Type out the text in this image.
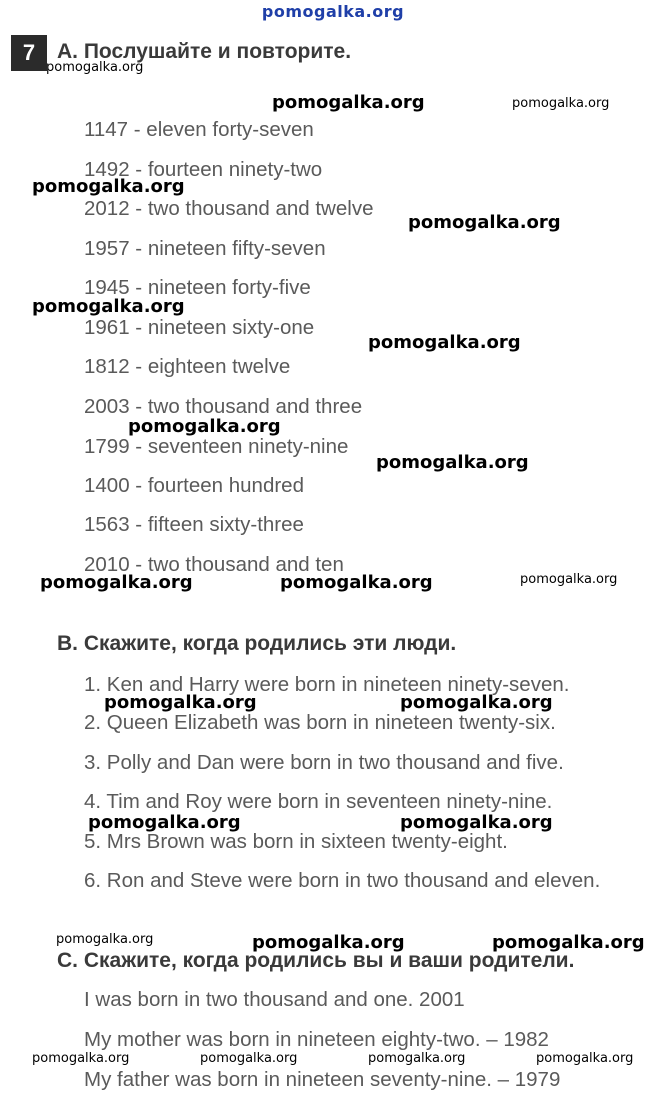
pomogalka.org
7	A. Послушайте и повторите.
1147 - eleven forty-seven
1492 - fourteen ninety-two
2012 - two thousand and twelve
1957 - nineteen fifty-seven
1945 - nineteen forty-five
1961 - nineteen sixty-one
1812 - eighteen twelve
2003 - two thousand and three
1799 - seventeen ninety-nine
1400 - fourteen hundred
1563 - fifteen sixty-three
2010 - two thousand and ten
B. Скажите, когда родились эти люди.
1. Ken and Harry were born in nineteen ninety-seven.
2. Queen Elizabeth was born in nineteen twenty-six.
3. Polly and Dan were born in two thousand and five.
4. Tim and Roy were born in seventeen ninety-nine.
5. Mrs Brown was born in sixteen twenty-eight.
6. Ron and Steve were born in two thousand and eleven.
C. Скажите, когда родились вы и ваши родители.
I was born in two thousand and one. 2001
My mother was born in nineteen eighty-two. – 1982
My father was born in nineteen seventy-nine. – 1979
pomogalka.org
pomogalka.org	pomogalka.org
pomogalka.org
pomogalka.org
pomogalka.org
pomogalka.org
pomogalka.org
pomogalka.org
pomogalka.org	pomogalka.org	pomogalka.org
pomogalka.org	pomogalka.org
pomogalka.org	pomogalka.org
pomogalka.org	pomogalka.org	pomogalka.org
pomogalka.org	pomogalka.org	pomogalka.org	pomogalka.org
